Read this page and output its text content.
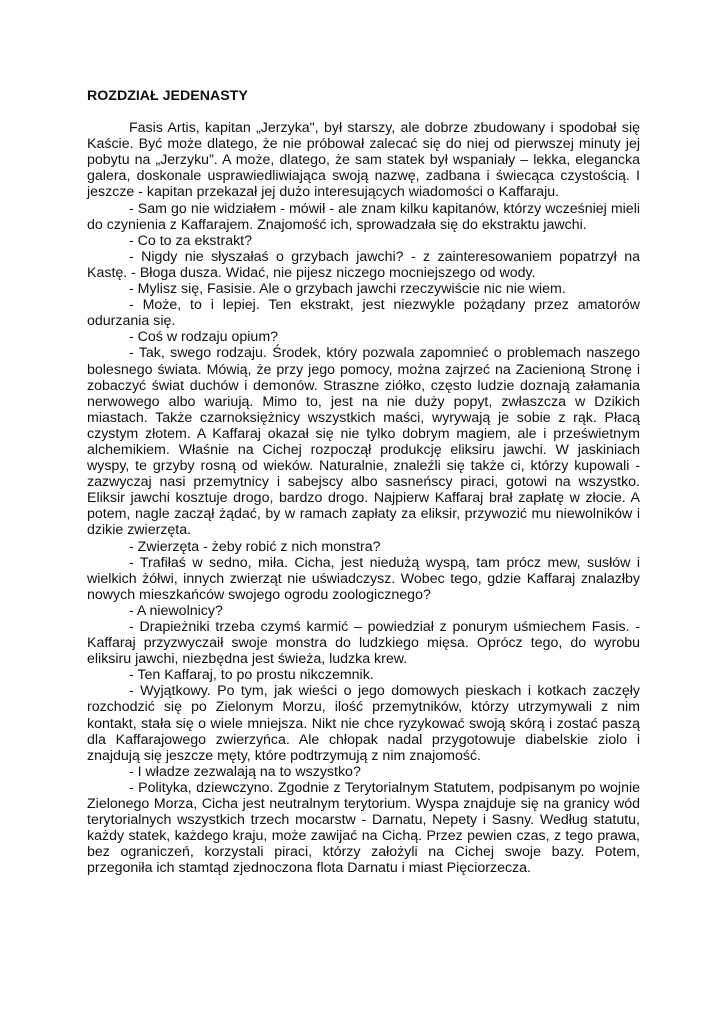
ROZDZIAŁ JEDENASTY

Fasis Artis, kapitan „Jerzyka", był starszy, ale dobrze zbudowany i spodobał się Kaście. Być może dlatego, że nie próbował zalecać się do niej od pierwszej minuty jej pobytu na „Jerzyku”. A może, dlatego, że sam statek był wspaniały – lekka, elegancka galera, doskonale usprawiedliwiająca swoją nazwę, zadbana i świecąca czystością. I jeszcze - kapitan przekazał jej dużo interesujących wiadomości o Kaffaraju.

- Sam go nie widziałem - mówił - ale znam kilku kapitanów, którzy wcześniej mieli do czynienia z Kaffarajem. Znajomość ich, sprowadzała się do ekstraktu jawchi.

- Co to za ekstrakt?

- Nigdy nie słyszałaś o grzybach jawchi? - z zainteresowaniem popatrzył na Kastę. - Błoga dusza. Widać, nie pijesz niczego mocniejszego od wody.

- Mylisz się, Fasisie. Ale o grzybach jawchi rzeczywiście nic nie wiem.

- Może, to i lepiej. Ten ekstrakt, jest niezwykle pożądany przez amatorów odurzania się.

- Coś w rodzaju opium?

- Tak, swego rodzaju. Środek, który pozwala zapomnieć o problemach naszego bolesnego świata. Mówią, że przy jego pomocy, można zajrzeć na Zacienioną Stronę i zobaczyć świat duchów i demonów. Straszne ziółko, często ludzie doznają załamania nerwowego albo wariują. Mimo to, jest na nie duży popyt, zwłaszcza w Dzikich miastach. Także czarnoksiężnicy wszystkich maści, wyrywają je sobie z rąk. Płacą czystym złotem. A Kaffaraj okazał się nie tylko dobrym magiem, ale i prześwietnym alchemikiem. Właśnie na Cichej rozpoczął produkcję eliksiru jawchi. W jaskiniach wyspy, te grzyby rosną od wieków. Naturalnie, znaleźli się także ci, którzy kupowali - zazwyczaj nasi przemytnicy i sabejscy albo sasneńscy piraci, gotowi na wszystko. Eliksir jawchi kosztuje drogo, bardzo drogo. Najpierw Kaffaraj brał zapłatę w złocie. A potem, nagle zaczął żądać, by w ramach zapłaty za eliksir, przywozić mu niewolników i dzikie zwierzęta.

- Zwierzęta - żeby robić z nich monstra?

- Trafiłaś w sedno, miła. Cicha, jest niedużą wyspą, tam prócz mew, susłów i wielkich żółwi, innych zwierząt nie uświadczysz. Wobec tego, gdzie Kaffaraj znalazłby nowych mieszkańców swojego ogrodu zoologicznego?

- A niewolnicy?

- Drapieżniki trzeba czymś karmić – powiedział z ponurym uśmiechem Fasis. - Kaffaraj przyzwyczaił swoje monstra do ludzkiego mięsa. Oprócz tego, do wyrobu eliksiru jawchi, niezbędna jest świeża, ludzka krew.

- Ten Kaffaraj, to po prostu nikczemnik.

- Wyjątkowy. Po tym, jak wieści o jego domowych pieskach i kotkach zaczęły rozchodzić się po Zielonym Morzu, ilość przemytników, którzy utrzymywali z nim kontakt, stała się o wiele mniejsza. Nikt nie chce ryzykować swoją skórą i zostać paszą dla Kaffarajowego zwierzyńca. Ale chłopak nadal przygotowuje diabelskie ziolo i znajdują się jeszcze męty, które podtrzymują z nim znajomość.

- I władze zezwalają na to wszystko?

- Polityka, dziewczyno. Zgodnie z Terytorialnym Statutem, podpisanym po wojnie Zielonego Morza, Cicha jest neutralnym terytorium. Wyspa znajduje się na granicy wód terytorialnych wszystkich trzech mocarstw - Darnatu, Nepety i Sasny. Według statutu, każdy statek, każdego kraju, może zawijać na Cichą. Przez pewien czas, z tego prawa, bez ograniczeń, korzystali piraci, którzy założyli na Cichej swoje bazy. Potem, przegoniła ich stamtąd zjednoczona flota Darnatu i miast Pięciorzecza.
